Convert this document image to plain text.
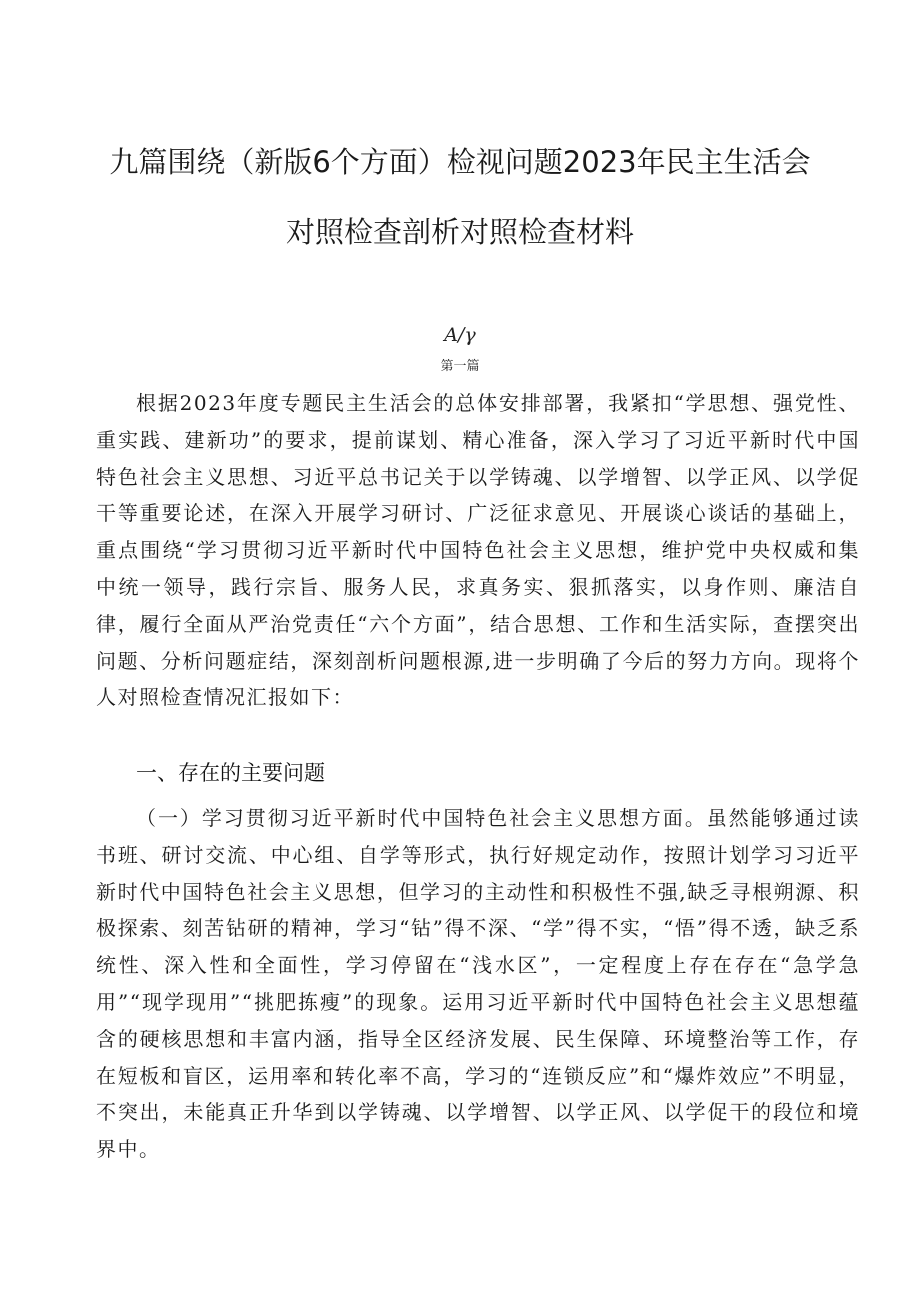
九篇围绕（新版6个方面）检视问题2023年民主生活会
对照检查剖析对照检查材料
A∕γ
第一篇
根据2023年度专题民主生活会的总体安排部署，我紧扣“学思想、强党性、重实践、建新功”的要求，提前谋划、精心准备，深入学习了习近平新时代中国特色社会主义思想、习近平总书记关于以学铸魂、以学增智、以学正风、以学促干等重要论述，在深入开展学习研讨、广泛征求意见、开展谈心谈话的基础上，重点围绕“学习贯彻习近平新时代中国特色社会主义思想，维护党中央权威和集中统一领导，践行宗旨、服务人民，求真务实、狠抓落实，以身作则、廉洁自律，履行全面从严治党责任“六个方面”，结合思想、工作和生活实际，查摆突出问题、分析问题症结，深刻剖析问题根源,进一步明确了今后的努力方向。现将个人对照检查情况汇报如下：
一、存在的主要问题
（一）学习贯彻习近平新时代中国特色社会主义思想方面。虽然能够通过读书班、研讨交流、中心组、自学等形式，执行好规定动作，按照计划学习习近平新时代中国特色社会主义思想，但学习的主动性和积极性不强,缺乏寻根朔源、积极探索、刻苦钻研的精神，学习“钻”得不深、“学”得不实，“悟”得不透，缺乏系统性、深入性和全面性，学习停留在“浅水区”，一定程度上存在存在“急学急用”“现学现用”“挑肥拣瘦”的现象。运用习近平新时代中国特色社会主义思想蕴含的硬核思想和丰富内涵，指导全区经济发展、民生保障、环境整治等工作，存在短板和盲区，运用率和转化率不高，学习的“连锁反应”和“爆炸效应”不明显，不突出，未能真正升华到以学铸魂、以学增智、以学正风、以学促干的段位和境界中。
